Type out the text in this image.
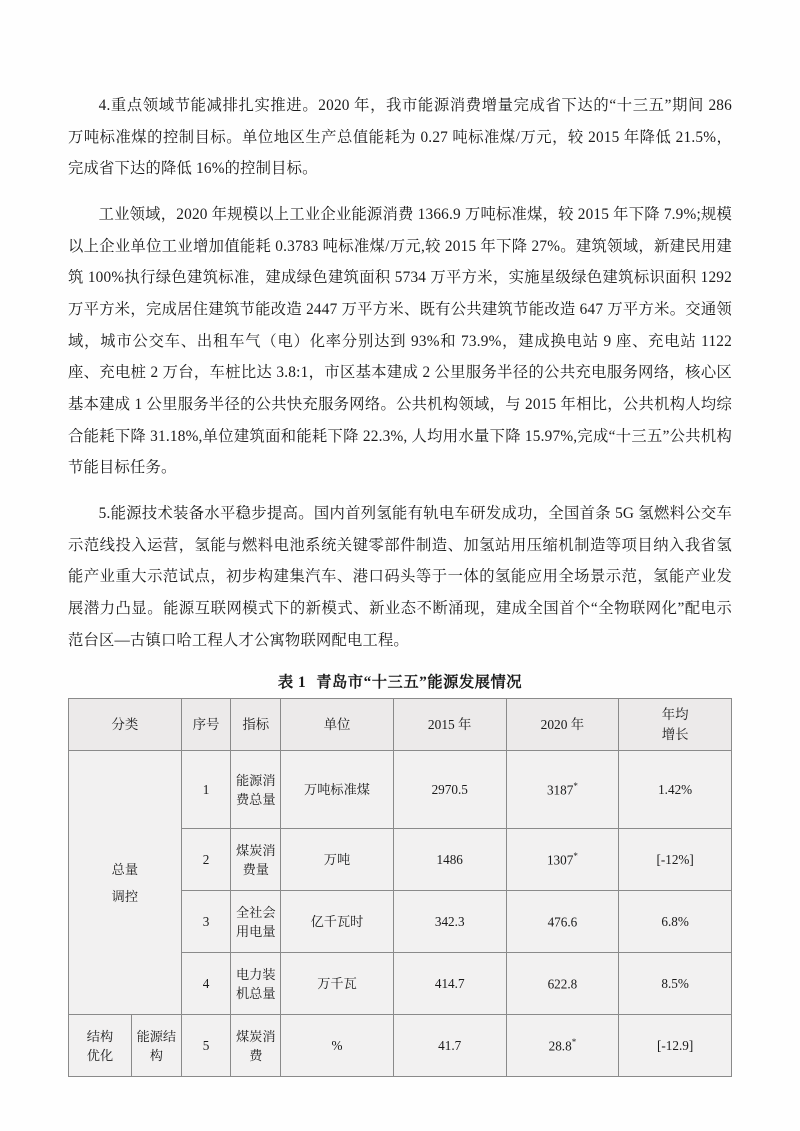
4.重点领域节能减排扎实推进。2020 年，我市能源消费增量完成省下达的“十三五”期间 286 万吨标准煤的控制目标。单位地区生产总值能耗为 0.27 吨标准煤/万元，较 2015 年降低 21.5%，完成省下达的降低 16%的控制目标。

工业领域，2020 年规模以上工业企业能源消费 1366.9 万吨标准煤，较 2015 年下降 7.9%;规模以上企业单位工业增加值能耗 0.3783 吨标准煤/万元,较 2015 年下降 27%。建筑领域，新建民用建筑 100%执行绿色建筑标准，建成绿色建筑面积 5734 万平方米，实施星级绿色建筑标识面积 1292 万平方米，完成居住建筑节能改造 2447 万平方米、既有公共建筑节能改造 647 万平方米。交通领域，城市公交车、出租车气（电）化率分别达到 93%和 73.9%，建成换电站 9 座、充电站 1122 座、充电桩 2 万台，车桩比达 3.8:1，市区基本建成 2 公里服务半径的公共充电服务网络，核心区基本建成 1 公里服务半径的公共快充服务网络。公共机构领域，与 2015 年相比，公共机构人均综合能耗下降 31.18%,单位建筑面和能耗下降 22.3%, 人均用水量下降 15.97%,完成“十三五”公共机构节能目标任务。

5.能源技术装备水平稳步提高。国内首列氢能有轨电车研发成功，全国首条 5G 氢燃料公交车示范线投入运营，氢能与燃料电池系统关键零部件制造、加氢站用压缩机制造等项目纳入我省氢能产业重大示范试点，初步构建集汽车、港口码头等于一体的氢能应用全场景示范，氢能产业发展潜力凸显。能源互联网模式下的新模式、新业态不断涌现，建成全国首个“全物联网化”配电示范台区—古镇口哈工程人才公寓物联网配电工程。

表 1 青岛市“十三五”能源发展情况
分类		序号	指标	单位	2015 年	2020 年	年均
增长

总量
调控		1	能源消费总量	万吨标准煤	2970.5	3187*	1.42%
		2	煤炭消费量	万吨	1486	1307*	[-12%]
		3	全社会用电量	亿千瓦时	342.3	476.6	6.8%
		4	电力装机总量	万千瓦	414.7	622.8	8.5%

结构
优化	能源结构	5	煤炭消费	%	41.7	28.8*	[-12.9]
